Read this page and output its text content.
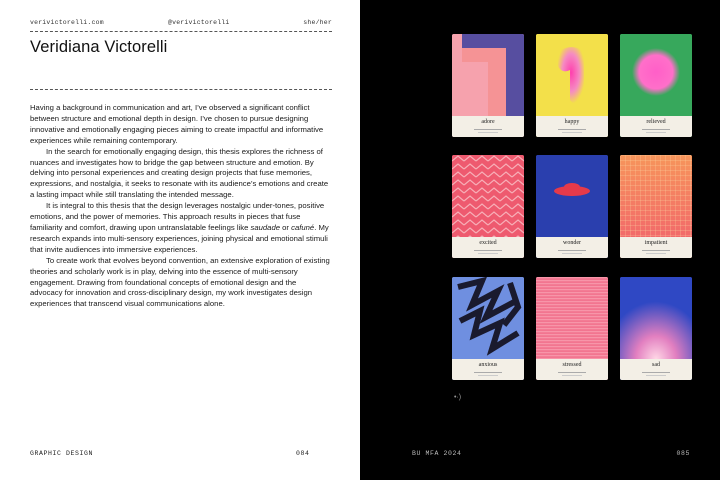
verivictorelli.com	@verivictorelli	she/her
Veridiana Victorelli

Having a background in communication and art, I’ve observed a significant conflict between structure and emotional depth in design. I’ve chosen to pursue designing innovative and emotionally engaging pieces aiming to create impactful and informative experiences while remaining contemporary.

In the search for emotionally engaging design, this thesis explores the richness of nuances and investigates how to bridge the gap between structure and emotion. By delving into personal experiences and creating design projects that fuse memories, expressions, and nostalgia, it seeks to resonate with its audience’s emotions and create a lasting impact while still translating the intended message.

It is integral to this thesis that the design leverages nostalgic under-tones, positive emotions, and the power of memories. This approach results in pieces that fuse familiarity and comfort, drawing upon untranslatable feelings like saudade or cafuné. My research expands into multi-sensory experiences, joining physical and emotional stimuli that invite audiences into immersive experiences.

To create work that evolves beyond convention, an extensive exploration of existing theories and scholarly work is in play, delving into the essence of multi-sensory engagement. Drawing from foundational concepts of emotional design and the advocacy for innovation and cross-disciplinary design, my work investigates design experiences that transcend visual communications alone.

GRAPHIC DESIGN	084	BU MFA 2024	085
•·)
adore	happy	relieved
excited	wonder	impatient
anxious	stressed	sad
